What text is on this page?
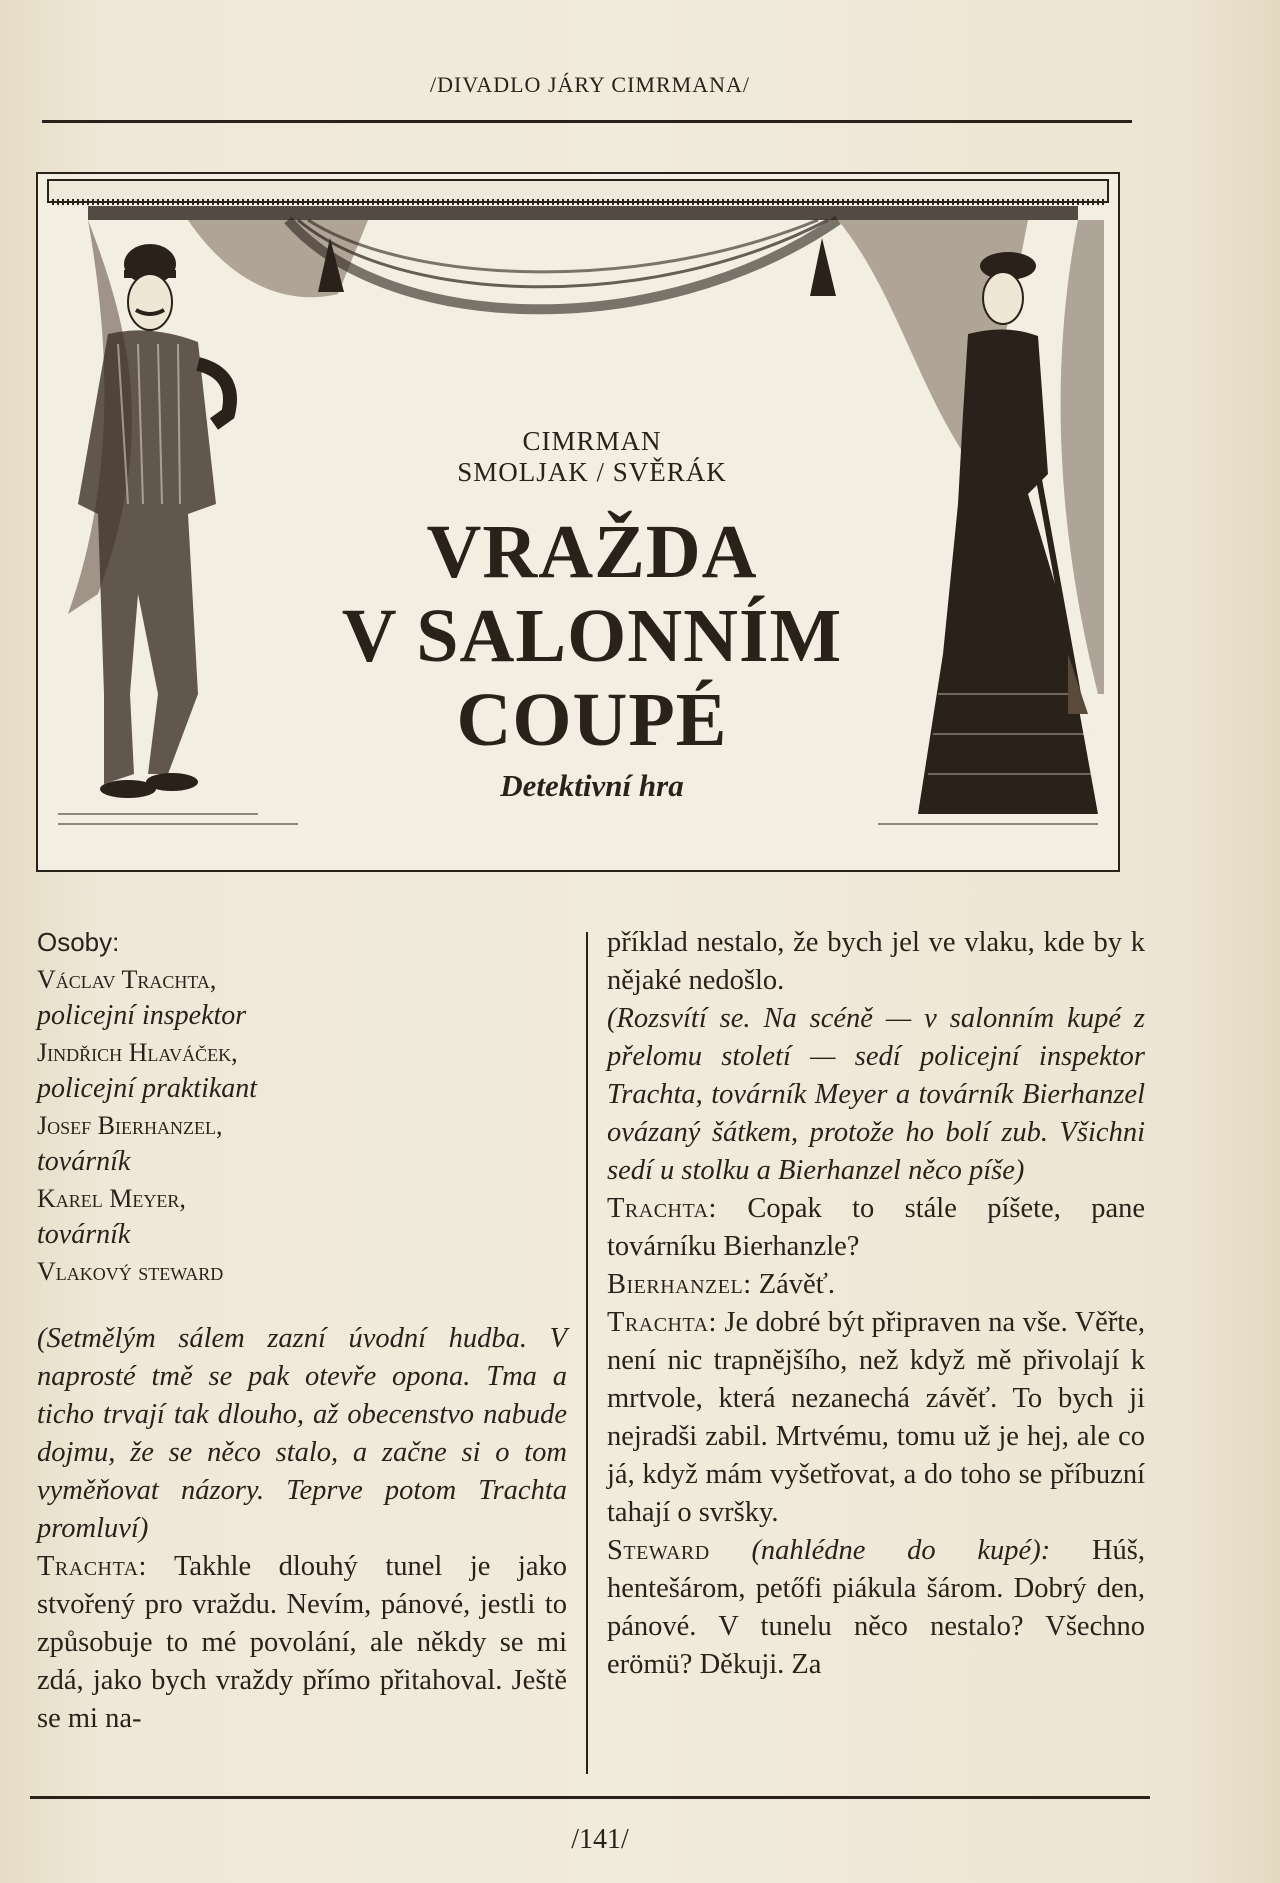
/DIVADLO JÁRY CIMRMANA/
CIMRMAN
SMOLJAK / SVĚRÁK
VRAŽDA
V SALONNÍM
COUPÉ
Detektivní hra
Osoby:
Václav Trachta,
policejní inspektor
Jindřich Hlaváček,
policejní praktikant
Josef Bierhanzel,
továrník
Karel Meyer,
továrník
Vlakový steward

(Setmělým sálem zazní úvodní hudba. V naprosté tmě se pak otevře opona. Tma a ticho trvají tak dlouho, až obecenstvo nabude dojmu, že se něco stalo, a začne si o tom vyměňovat názory. Teprve potom Trachta promluví)

Trachta: Takhle dlouhý tunel je jako stvořený pro vraždu. Nevím, pánové, jestli to způsobuje to mé povolání, ale někdy se mi zdá, jako bych vraždy přímo přitahoval. Ještě se mi na-

příklad nestalo, že bych jel ve vlaku, kde by k nějaké nedošlo.

(Rozsvítí se. Na scéně — v salonním kupé z přelomu století — sedí policejní inspektor Trachta, továrník Meyer a továrník Bierhanzel ovázaný šátkem, protože ho bolí zub. Všichni sedí u stolku a Bierhanzel něco píše)

Trachta: Copak to stále píšete, pane továrníku Bierhanzle?

Bierhanzel: Závěť.

Trachta: Je dobré být připraven na vše. Věřte, není nic trapnějšího, než když mě přivolají k mrtvole, která nezanechá závěť. To bych ji nejradši zabil. Mrtvému, tomu už je hej, ale co já, když mám vyšetřovat, a do toho se příbuzní tahají o svršky.

Steward (nahlédne do kupé): Húš, hentešárom, petőfi piákula šárom. Dobrý den, pánové. V tunelu něco nestalo? Všechno erömü? Děkuji. Za

/141/
